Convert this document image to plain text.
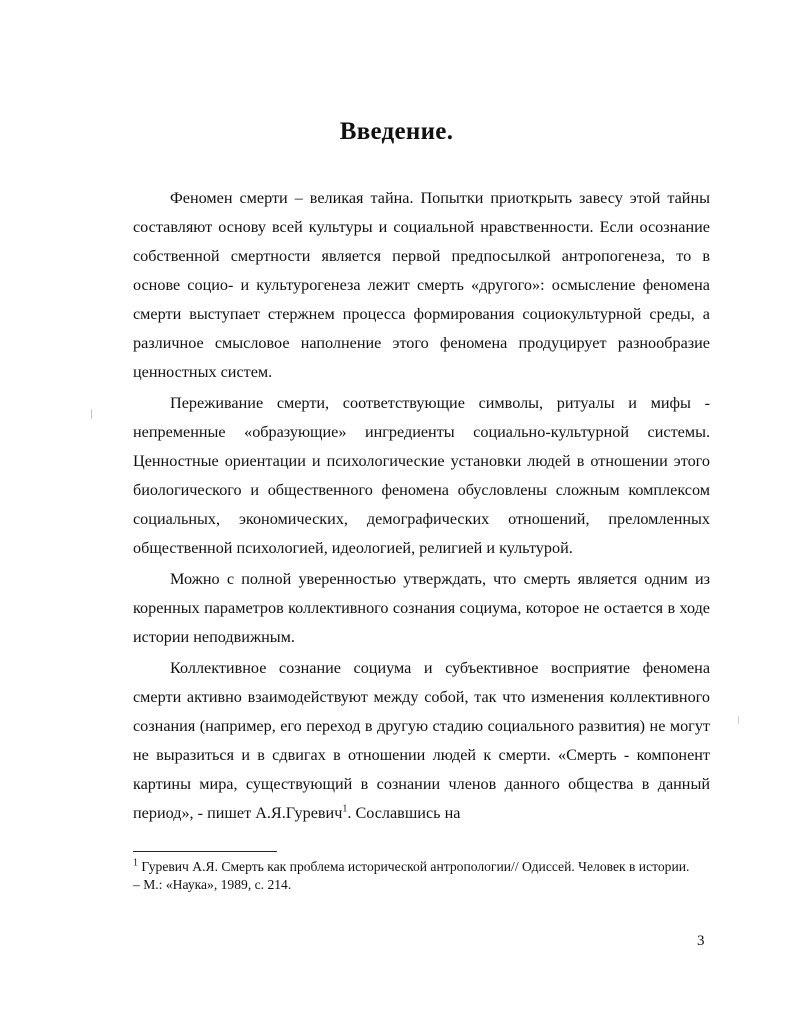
Введение.

Феномен смерти – великая тайна. Попытки приоткрыть завесу этой тайны составляют основу всей культуры и социальной нравственности. Если осознание собственной смертности является первой предпосылкой антропогенеза, то в основе социо- и культурогенеза лежит смерть «другого»: осмысление феномена смерти выступает стержнем процесса формирования социокультурной среды, а различное смысловое наполнение этого феномена продуцирует разнообразие ценностных систем.

Переживание смерти, соответствующие символы, ритуалы и мифы - непременные «образующие» ингредиенты социально-культурной системы. Ценностные ориентации и психологические установки людей в отношении этого биологического и общественного феномена обусловлены сложным комплексом социальных, экономических, демографических отношений, преломленных общественной психологией, идеологией, религией и культурой.

Можно с полной уверенностью утверждать, что смерть является одним из коренных параметров коллективного сознания социума, которое не остается в ходе истории неподвижным.

Коллективное сознание социума и субъективное восприятие феномена смерти активно взаимодействуют между собой, так что изменения коллективного сознания (например, его переход в другую стадию социального развития) не могут не выразиться и в сдвигах в отношении людей к смерти. «Смерть - компонент картины мира, существующий в сознании членов данного общества в данный период», - пишет А.Я.Гуревич$^1$. Сославшись на

$^1$ Гуревич А.Я. Смерть как проблема исторической антропологии// Одиссей. Человек в истории. – М.: «Наука», 1989, с. 214.
3
